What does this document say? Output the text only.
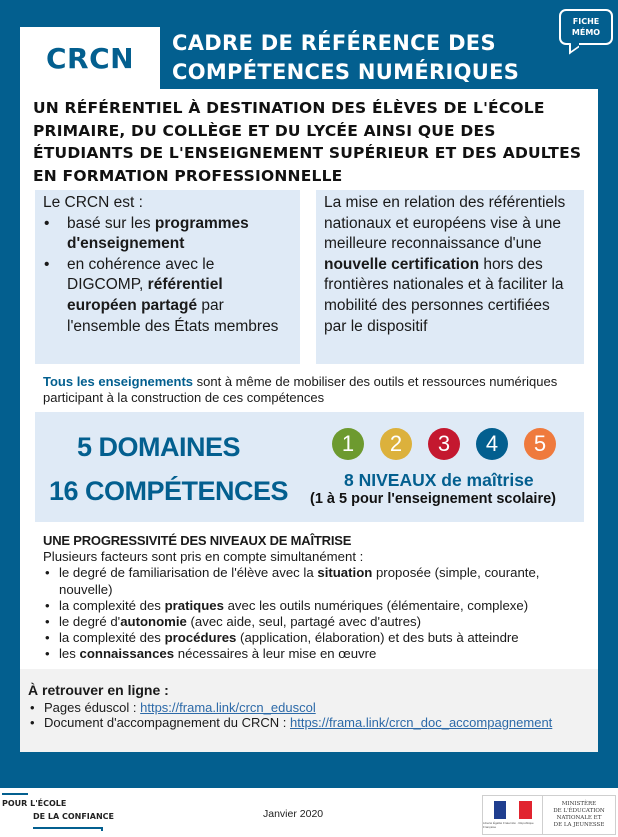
CRCN CADRE DE RÉFÉRENCE DES
COMPÉTENCES NUMÉRIQUES
FICHE
MÉMO
UN RÉFÉRENTIEL À DESTINATION DES ÉLÈVES DE L'ÉCOLE PRIMAIRE, DU COLLÈGE ET DU LYCÉE AINSI QUE DES ÉTUDIANTS DE L'ENSEIGNEMENT SUPÉRIEUR ET DES ADULTES EN FORMATION PROFESSIONNELLE
Le CRCN est :
• basé sur les programmes d'enseignement
• en cohérence avec le DIGCOMP, référentiel européen partagé par l'ensemble des États membres
La mise en relation des référentiels nationaux et européens vise à une meilleure reconnaissance d'une nouvelle certification hors des frontières nationales et à faciliter la mobilité des personnes certifiées par le dispositif
Tous les enseignements sont à même de mobiliser des outils et ressources numériques participant à la construction de ces compétences
5 DOMAINES
16 COMPÉTENCES
1	2	3	4	5
8 NIVEAUX de maîtrise
(1 à 5 pour l'enseignement scolaire)
UNE PROGRESSIVITÉ DES NIVEAUX DE MAÎTRISE
Plusieurs facteurs sont pris en compte simultanément :
• le degré de familiarisation de l'élève avec la situation proposée (simple, courante, nouvelle)
• la complexité des pratiques avec les outils numériques (élémentaire, complexe)
• le degré d'autonomie (avec aide, seul, partagé avec d'autres)
• la complexité des procédures (application, élaboration) et des buts à atteindre
• les connaissances nécessaires à leur mise en œuvre
À retrouver en ligne :
• Pages éduscol : https://frama.link/crcn_eduscol
• Document d'accompagnement du CRCN : https://frama.link/crcn_doc_accompagnement
POUR L'ÉCOLE
DE LA CONFIANCE	Janvier 2020
Liberté Égalité Fraternité · République Française
MINISTÈRE
DE L'ÉDUCATION
NATIONALE ET
DE LA JEUNESSE
